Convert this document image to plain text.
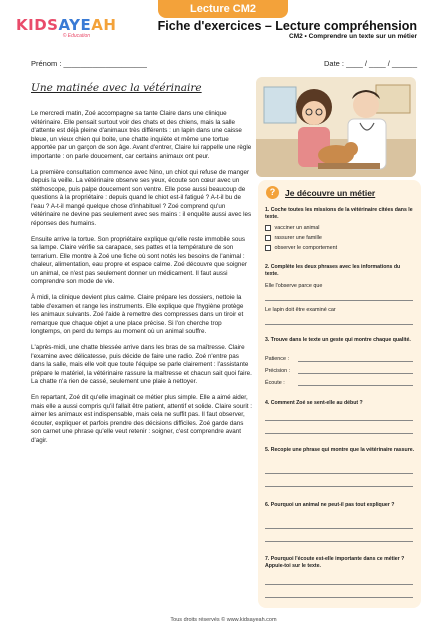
Lecture CM2
KIDSAYEAH
© Education
Fiche d'exercices – Lecture compréhension
CM2 • Comprendre un texte sur un métier
Prénom : ____________________	Date : ____ / ____ / ______
Une matinée avec la vétérinaire

Le mercredi matin, Zoé accompagne sa tante Claire dans une clinique vétérinaire. Elle pensait surtout voir des chats et des chiens, mais la salle d'attente est déjà pleine d'animaux très différents : un lapin dans une caisse bleue, un vieux chien qui boite, une chatte inquiète et même une tortue apportée par un garçon de son âge. Avant d'entrer, Claire lui rappelle une règle importante : on parle doucement, car certains animaux ont peur.

La première consultation commence avec Nino, un chiot qui refuse de manger depuis la veille. La vétérinaire observe ses yeux, écoute son cœur avec un stéthoscope, puis palpe doucement son ventre. Elle pose aussi beaucoup de questions à la propriétaire : depuis quand le chiot est-il fatigué ? A-t-il bu de l'eau ? A-t-il mangé quelque chose d'inhabituel ? Zoé comprend qu'un vétérinaire ne devine pas seulement avec ses mains : il enquête aussi avec les réponses des humains.

Ensuite arrive la tortue. Son propriétaire explique qu'elle reste immobile sous sa lampe. Claire vérifie sa carapace, ses pattes et la température de son terrarium. Elle montre à Zoé une fiche où sont notés les besoins de l'animal : chaleur, alimentation, eau propre et espace calme. Zoé découvre que soigner un animal, ce n'est pas seulement donner un médicament. Il faut aussi comprendre son mode de vie.

À midi, la clinique devient plus calme. Claire prépare les dossiers, nettoie la table d'examen et range les instruments. Elle explique que l'hygiène protège les animaux suivants. Zoé l'aide à remettre des compresses dans un tiroir et remarque que chaque objet a une place précise. Si l'on cherche trop longtemps, on perd du temps au moment où un animal souffre.

L'après-midi, une chatte blessée arrive dans les bras de sa maîtresse. Claire l'examine avec délicatesse, puis décide de faire une radio. Zoé n'entre pas dans la salle, mais elle voit que toute l'équipe se parle clairement : l'assistante prépare le matériel, la vétérinaire rassure la maîtresse et chacun sait quoi faire. La chatte n'a rien de cassé, seulement une plaie à nettoyer.

En repartant, Zoé dit qu'elle imaginait ce métier plus simple. Elle a aimé aider, mais elle a aussi compris qu'il fallait être patient, attentif et solide. Claire sourit : aimer les animaux est indispensable, mais cela ne suffit pas. Il faut observer, écouter, expliquer et parfois prendre des décisions difficiles. Zoé garde dans son carnet une phrase qu'elle veut retenir : soigner, c'est comprendre avant d'agir.

?	Je découvre un métier
1. Coche toutes les missions de la vétérinaire citées dans le texte.
vacciner un animal
rassurer une famille
observer le comportement
2. Complète les deux phrases avec les informations du texte.
Elle l'observe parce que
Le lapin doit être examiné car
3. Trouve dans le texte un geste qui montre chaque qualité.
Patience :
Précision :
Écoute :
4. Comment Zoé se sent-elle au début ?
5. Recopie une phrase qui montre que la vétérinaire rassure.
6. Pourquoi un animal ne peut-il pas tout expliquer ?
7. Pourquoi l'écoute est-elle importante dans ce métier ? Appuie-toi sur le texte.
Tous droits réservés © www.kidsayeah.com
